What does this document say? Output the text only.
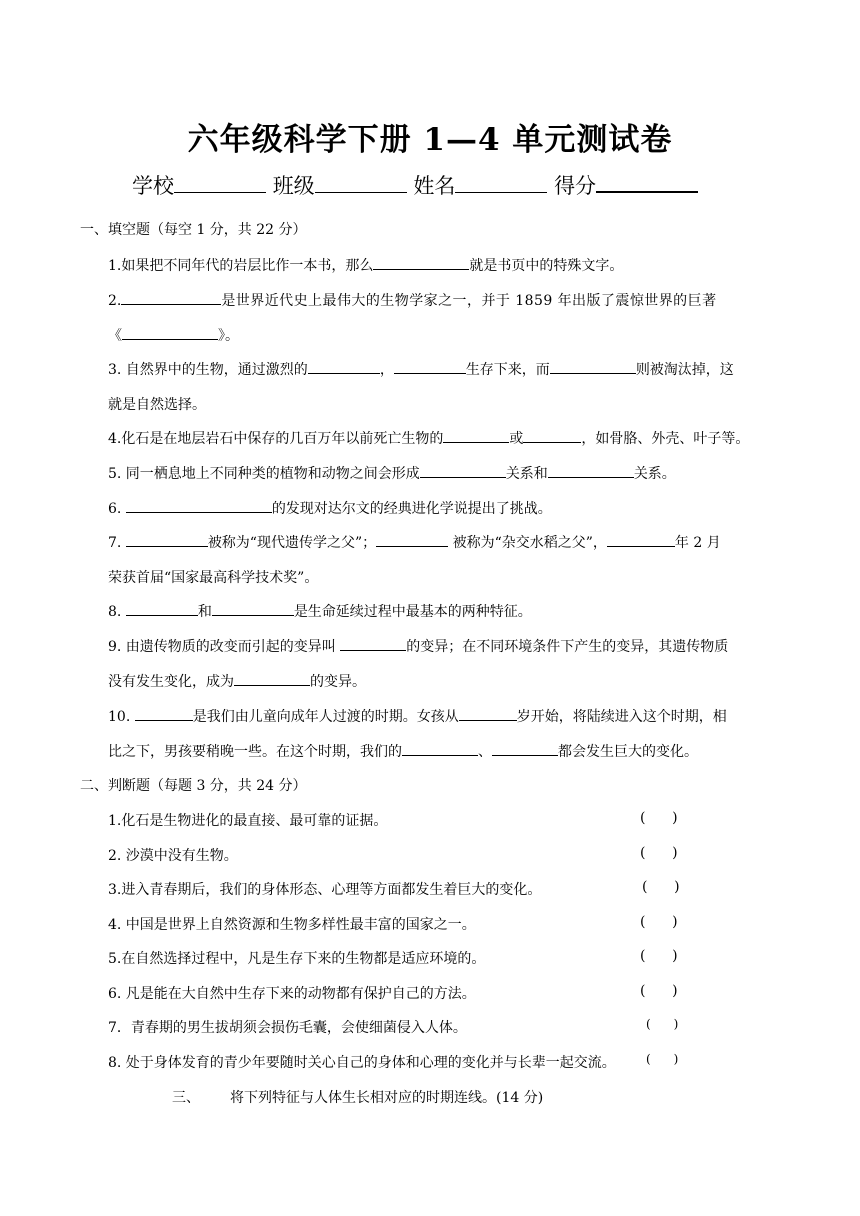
六年级科学下册 1—4 单元测试卷
学校	班级	姓名	得分
一、填空题（每空 1 分，共 22 分）
1.如果把不同年代的岩层比作一本书，那么	就是书页中的特殊文字。
2.	是世界近代史上最伟大的生物学家之一，并于 1859 年出版了震惊世界的巨著
《	》。
3. 自然界中的生物，通过激烈的	，	生存下来，而	则被淘汰掉，这
就是自然选择。
4.化石是在地层岩石中保存的几百万年以前死亡生物的	或	，如骨胳、外壳、叶子等。
5. 同一栖息地上不同种类的植物和动物之间会形成	关系和	关系。
6.	的发现对达尔文的经典进化学说提出了挑战。
7.	被称为“现代遗传学之父”；	被称为“杂交水稻之父”，	年 2 月
荣获首届“国家最高科学技术奖”。
8.	和	是生命延续过程中最基本的两种特征。
9. 由遗传物质的改变而引起的变异叫	的变异；在不同环境条件下产生的变异，其遗传物质
没有发生变化，成为	的变异。
10.	是我们由儿童向成年人过渡的时期。女孩从	岁开始，将陆续进入这个时期，相
比之下，男孩要稍晚一些。在这个时期，我们的	、	都会发生巨大的变化。
二、判断题（每题 3 分，共 24 分）
1.化石是生物进化的最直接、最可靠的证据。	(      )
2. 沙漠中没有生物。	(      )
3.进入青春期后，我们的身体形态、心理等方面都发生着巨大的变化。	(      )
4. 中国是世界上自然资源和生物多样性最丰富的国家之一。	(      )
5.在自然选择过程中，凡是生存下来的生物都是适应环境的。	(      )
6. 凡是能在大自然中生存下来的动物都有保护自己的方法。	(      )
7．青春期的男生拔胡须会损伤毛囊，会使细菌侵入人体。	(      )
8. 处于身体发育的青少年要随时关心自己的身体和心理的变化并与长辈一起交流。	(      )
三、 将下列特征与人体生长相对应的时期连线。(14 分)
